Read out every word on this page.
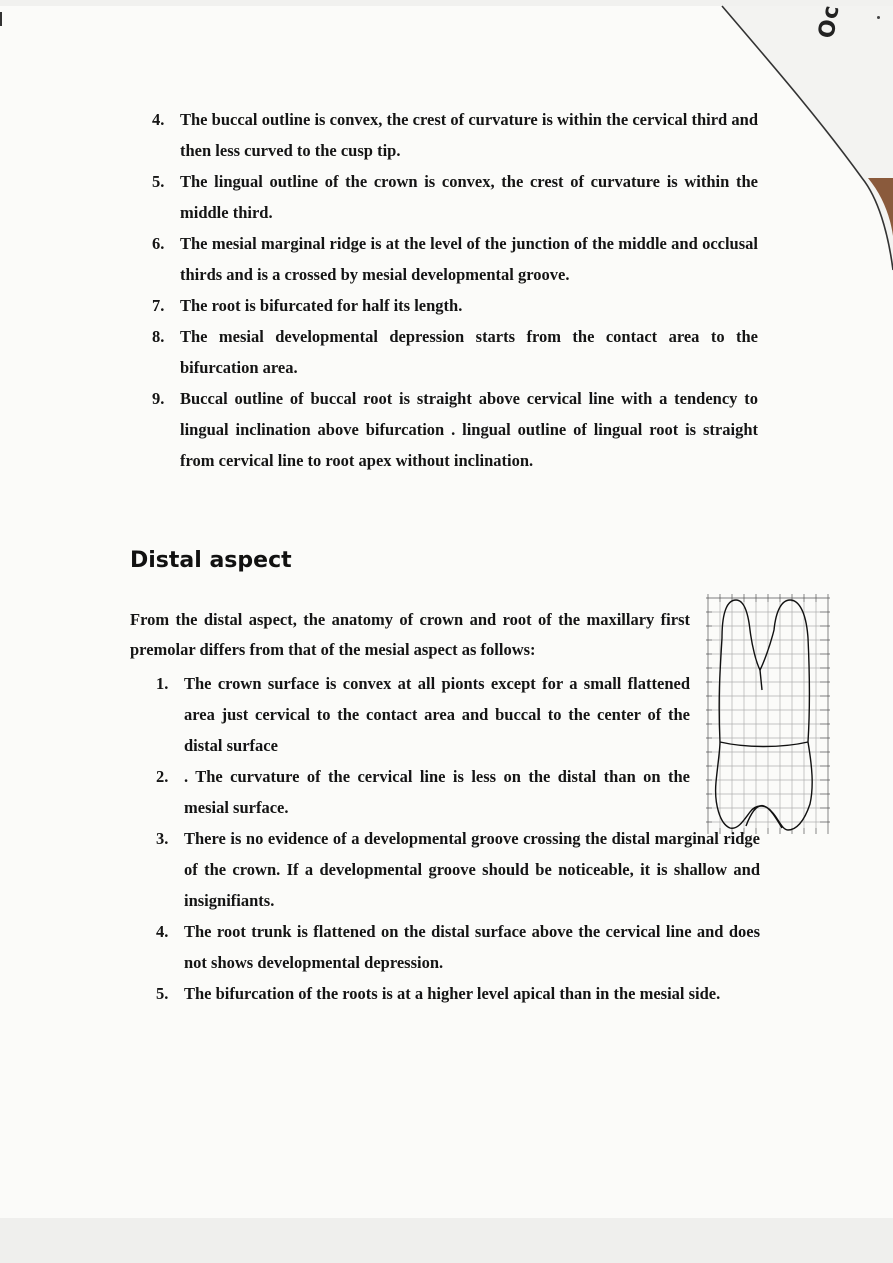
Oc
4. The buccal outline is convex, the crest of curvature is within the cervical third and then less curved to the cusp tip.
5. The lingual outline of the crown is convex, the crest of curvature is within the middle third.
6. The mesial marginal ridge is at the level of the junction of the middle and occlusal thirds and is a crossed by mesial developmental groove.
7. The root is bifurcated for half its length.
8. The mesial developmental depression starts from the contact area to the bifurcation area.
9. Buccal outline of buccal root is straight above cervical line with a tendency to lingual inclination above bifurcation . lingual outline of lingual root is straight from cervical line to root apex without inclination.
Distal aspect
From the distal aspect, the anatomy of crown and root of the maxillary first premolar differs from that of the mesial aspect as follows:
1. The crown surface is convex at all pionts except for a small flattened area just cervical to the contact area and buccal to the center of the distal surface
2. . The curvature of the cervical line is less on the distal than on the mesial surface.
3. There is no evidence of a developmental groove crossing the distal marginal ridge of the crown. If a developmental groove should be noticeable, it is shallow and insignifiants.
4. The root trunk is flattened on the distal surface above the cervical line and does not shows developmental depression.
5. The bifurcation of the roots is at a higher level apical than in the mesial side.
